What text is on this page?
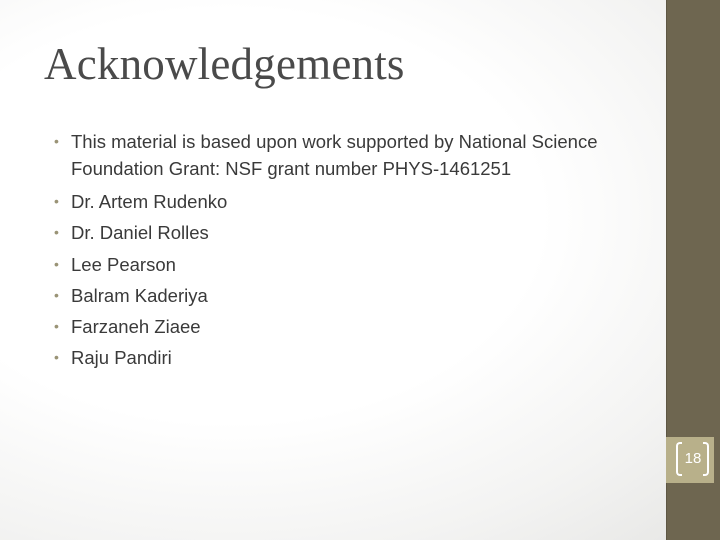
Acknowledgements
• This material is based upon work supported by National Science​Foundation Grant: NSF grant number PHYS-1461251
• Dr. Artem Rudenko
• Dr. Daniel Rolles
• Lee Pearson
• Balram Kaderiya
• Farzaneh Ziaee
• Raju Pandiri
18
